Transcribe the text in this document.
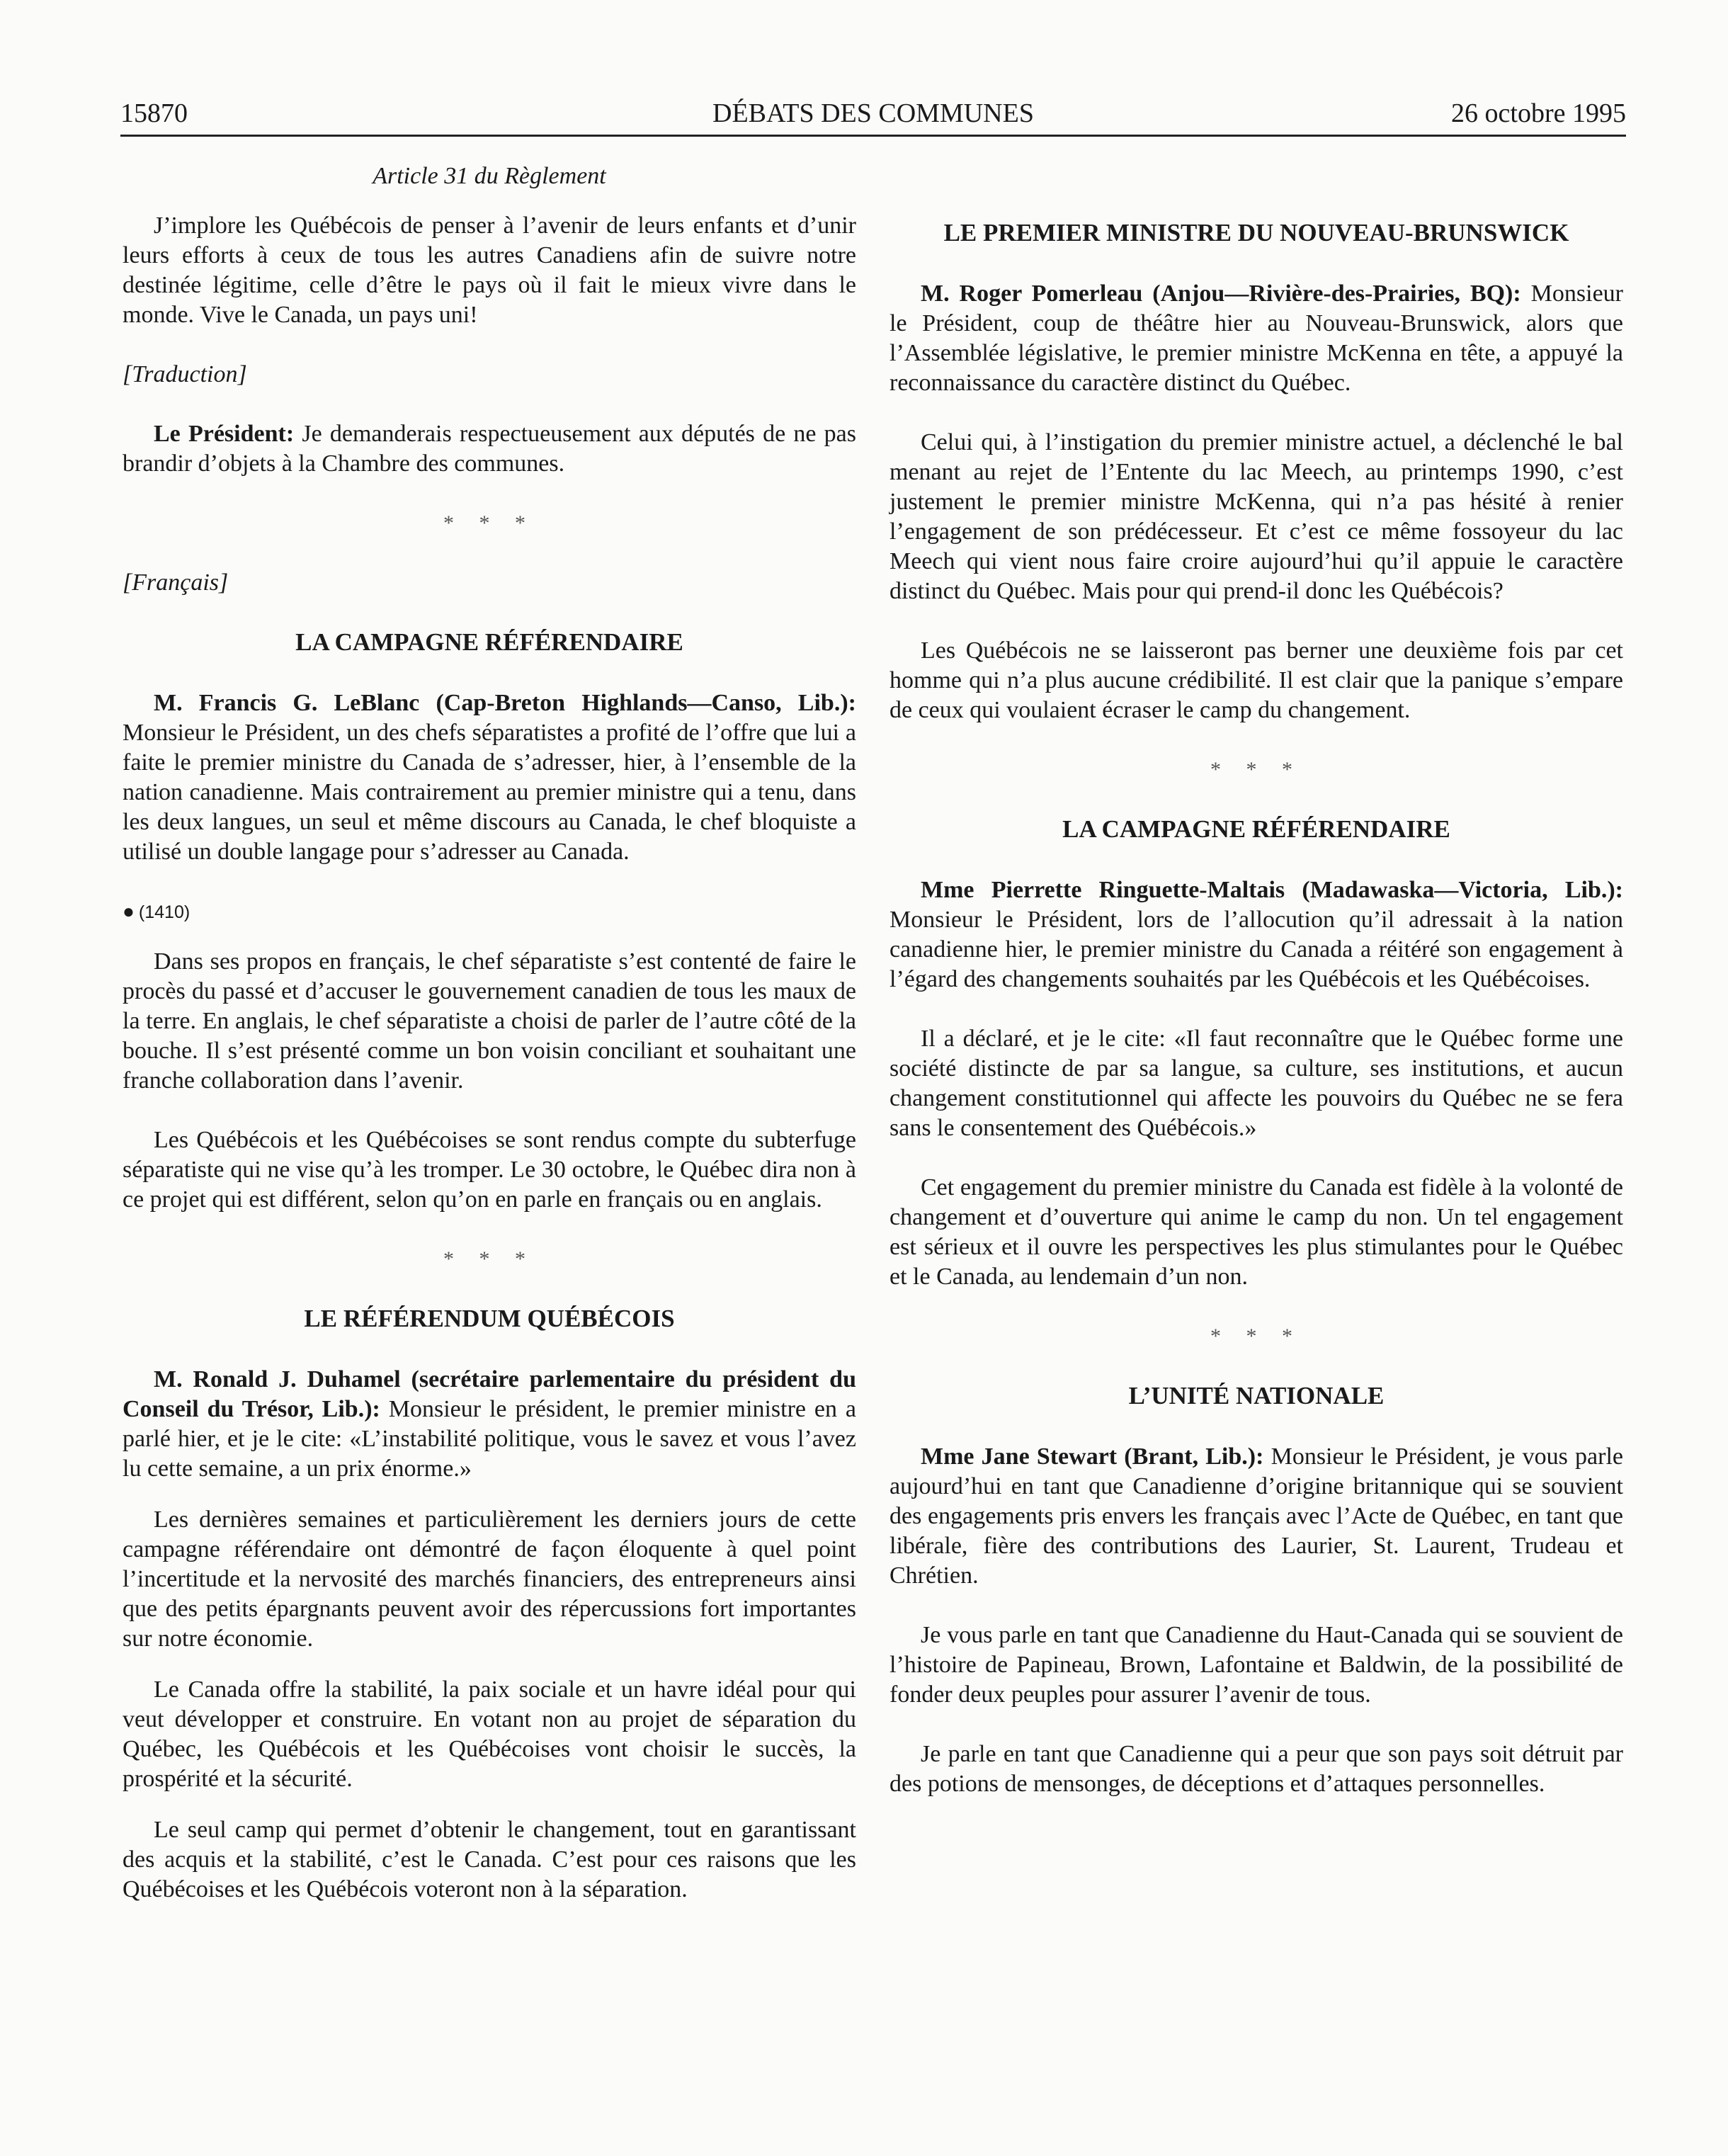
15870	DÉBATS DES COMMUNES	26 octobre 1995
Article 31 du Règlement

J’implore les Québécois de penser à l’avenir de leurs enfants et d’unir leurs efforts à ceux de tous les autres Canadiens afin de suivre notre destinée légitime, celle d’être le pays où il fait le mieux vivre dans le monde. Vive le Canada, un pays uni!

[Traduction]

Le Président: Je demanderais respectueusement aux députés de ne pas brandir d’objets à la Chambre des communes.

* * *
[Français]
LA CAMPAGNE RÉFÉRENDAIRE

M. Francis G. LeBlanc (Cap-Breton Highlands—Canso, Lib.): Monsieur le Président, un des chefs séparatistes a profité de l’offre que lui a faite le premier ministre du Canada de s’adresser, hier, à l’ensemble de la nation canadienne. Mais contrairement au premier ministre qui a tenu, dans les deux langues, un seul et même discours au Canada, le chef bloquiste a utilisé un double langage pour s’adresser au Canada.

● (1410)

Dans ses propos en français, le chef séparatiste s’est contenté de faire le procès du passé et d’accuser le gouvernement canadien de tous les maux de la terre. En anglais, le chef séparatiste a choisi de parler de l’autre côté de la bouche. Il s’est présenté comme un bon voisin conciliant et souhaitant une franche collaboration dans l’avenir.

Les Québécois et les Québécoises se sont rendus compte du subterfuge séparatiste qui ne vise qu’à les tromper. Le 30 octobre, le Québec dira non à ce projet qui est différent, selon qu’on en parle en français ou en anglais.

* * *
LE RÉFÉRENDUM QUÉBÉCOIS

M. Ronald J. Duhamel (secrétaire parlementaire du président du Conseil du Trésor, Lib.): Monsieur le président, le premier ministre en a parlé hier, et je le cite: «L’instabilité politique, vous le savez et vous l’avez lu cette semaine, a un prix énorme.»

Les dernières semaines et particulièrement les derniers jours de cette campagne référendaire ont démontré de façon éloquente à quel point l’incertitude et la nervosité des marchés financiers, des entrepreneurs ainsi que des petits épargnants peuvent avoir des répercussions fort importantes sur notre économie.

Le Canada offre la stabilité, la paix sociale et un havre idéal pour qui veut développer et construire. En votant non au projet de séparation du Québec, les Québécois et les Québécoises vont choisir le succès, la prospérité et la sécurité.

Le seul camp qui permet d’obtenir le changement, tout en garantissant des acquis et la stabilité, c’est le Canada. C’est pour ces raisons que les Québécoises et les Québécois voteront non à la séparation.

LE PREMIER MINISTRE DU NOUVEAU-BRUNSWICK

M. Roger Pomerleau (Anjou—Rivière-des-Prairies, BQ): Monsieur le Président, coup de théâtre hier au Nouveau-Brunswick, alors que l’Assemblée législative, le premier ministre McKenna en tête, a appuyé la reconnaissance du caractère distinct du Québec.

Celui qui, à l’instigation du premier ministre actuel, a déclenché le bal menant au rejet de l’Entente du lac Meech, au printemps 1990, c’est justement le premier ministre McKenna, qui n’a pas hésité à renier l’engagement de son prédécesseur. Et c’est ce même fossoyeur du lac Meech qui vient nous faire croire aujourd’hui qu’il appuie le caractère distinct du Québec. Mais pour qui prend-il donc les Québécois?

Les Québécois ne se laisseront pas berner une deuxième fois par cet homme qui n’a plus aucune crédibilité. Il est clair que la panique s’empare de ceux qui voulaient écraser le camp du changement.

* * *
LA CAMPAGNE RÉFÉRENDAIRE

Mme Pierrette Ringuette-Maltais (Madawaska—Victoria, Lib.): Monsieur le Président, lors de l’allocution qu’il adressait à la nation canadienne hier, le premier ministre du Canada a réitéré son engagement à l’égard des changements souhaités par les Québécois et les Québécoises.

Il a déclaré, et je le cite: «Il faut reconnaître que le Québec forme une société distincte de par sa langue, sa culture, ses institutions, et aucun changement constitutionnel qui affecte les pouvoirs du Québec ne se fera sans le consentement des Québécois.»

Cet engagement du premier ministre du Canada est fidèle à la volonté de changement et d’ouverture qui anime le camp du non. Un tel engagement est sérieux et il ouvre les perspectives les plus stimulantes pour le Québec et le Canada, au lendemain d’un non.

* * *
L’UNITÉ NATIONALE

Mme Jane Stewart (Brant, Lib.): Monsieur le Président, je vous parle aujourd’hui en tant que Canadienne d’origine britannique qui se souvient des engagements pris envers les français avec l’Acte de Québec, en tant que libérale, fière des contributions des Laurier, St. Laurent, Trudeau et Chrétien.

Je vous parle en tant que Canadienne du Haut-Canada qui se souvient de l’histoire de Papineau, Brown, Lafontaine et Baldwin, de la possibilité de fonder deux peuples pour assurer l’avenir de tous.

Je parle en tant que Canadienne qui a peur que son pays soit détruit par des potions de mensonges, de déceptions et d’attaques personnelles.
